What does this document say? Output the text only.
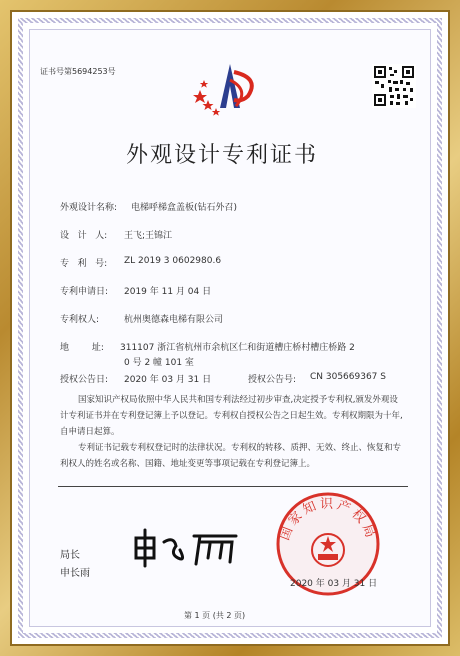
证书号第5694253号
外观设计专利证书
外观设计名称: 电梯呼梯盒盖板(钻石外召)
设   计   人: 王飞;王锦江
专   利   号: ZL 2019 3 0602980.6
专利申请日: 2019 年 11 月 04 日
专利权人:	杭州奥德森电梯有限公司
地        址: 311107 浙江省杭州市余杭区仁和街道槽庄桥村槽庄桥路 2
0 号 2 幢 101 室
授权公告日: 2020 年 03 月 31 日	授权公告号: CN 305669367 S
国家知识产权局依照中华人民共和国专利法经过初步审查,决定授予专利权,颁发外观设计专利证书并在专利登记簿上予以登记。专利权自授权公告之日起生效。专利权期限为十年,自申请日起算。
专利证书记载专利权登记时的法律状况。专利权的转移、质押、无效、终止、恢复和专利权人的姓名或名称、国籍、地址变更等事项记载在专利登记簿上。
局长
申长雨
国家知识产权局
2020 年 03 月 31 日
第 1 页 (共 2 页)
